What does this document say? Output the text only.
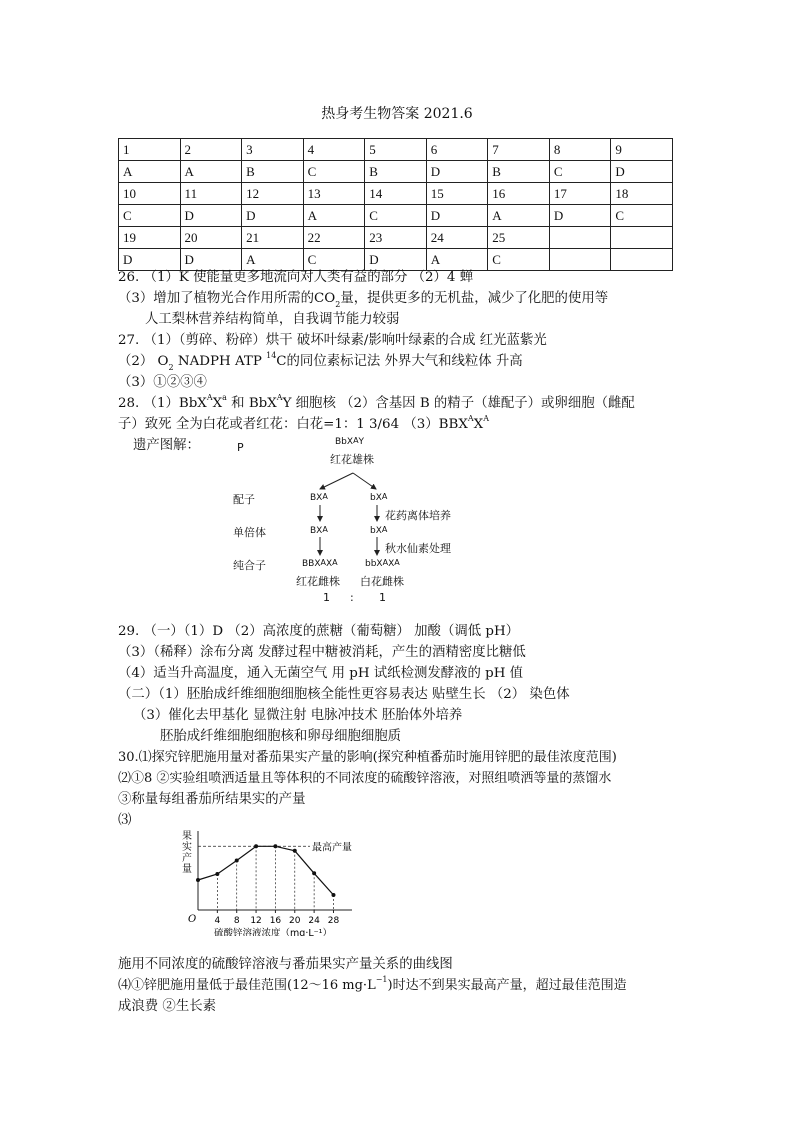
热身考生物答案 2021.6
1	2	3	4	5	6	7	8	9
A	A	B	C	B	D	B	C	D
10	11	12	13	14	15	16	17	18
C	D	D	A	C	D	A	D	C
19	20	21	22	23	24	25		
D	D	A	C	D	A	C		
26. （1）K 使能量更多地流向对人类有益的部分 （2）4 蝉
（3）增加了植物光合作用所需的CO2量，提供更多的无机盐，减少了化肥的使用等
人工梨林营养结构简单，自我调节能力较弱
27. （1）（剪碎、粉碎）烘干 破坏叶绿素/影响叶绿素的合成 红光蓝紫光
（2） O2 NADPH ATP $^{14}$C的同位素标记法 外界大气和线粒体 升高
（3）①②③④
28. $(1)BbX^AX^a$ 和 BbX$^A$Y 细胞核 （2）含基因 B 的精子（雄配子）或卵细胞（雌配
子）致死 全为白花或者红花：白花=1：1 3/64 $(3)BBX^AX^A$
遗产图解：	P	BbXAY
红花雄株
配子	BXA	bXA
花药离体培养
单倍体	BXA	bXA
秋水仙素处理
纯合子	BBXAXA	bbXAXA
红花雌株 白花雌株
1 : 1
29. （一）（1）D （2）高浓度的蔗糖（葡萄糖） 加酸（调低 pH）
（3）（稀释）涂布分离 发酵过程中糖被消耗，产生的酒精密度比糖低
（4）适当升高温度，通入无菌空气 用 pH 试纸检测发酵液的 pH 值
（二）（1）胚胎成纤维细胞细胞核全能性更容易表达 贴壁生长 （2） 染色体
（3）催化去甲基化 显微注射 电脉冲技术 胚胎体外培养
胚胎成纤维细胞细胞核和卵母细胞细胞质
30.⑴探究锌肥施用量对番茄果实产量的影响(探究种植番茄时施用锌肥的最佳浓度范围)
⑵①8 ②实验组喷洒适量且等体积的不同浓度的硫酸锌溶液，对照组喷洒等量的蒸馏水
③称量每组番茄所结果实的产量
⑶
果
实
产
量
O
最高产量
4 8 12 16 20 24 28
硫酸锌溶液浓度（mg·L⁻¹）
施用不同浓度的硫酸锌溶液与番茄果实产量关系的曲线图
⑷①锌肥施用量低于最佳范围(12～16 $mg\cdot L^{-1}$)时达不到果实最高产量，超过最佳范围造
成浪费 ②生长素
